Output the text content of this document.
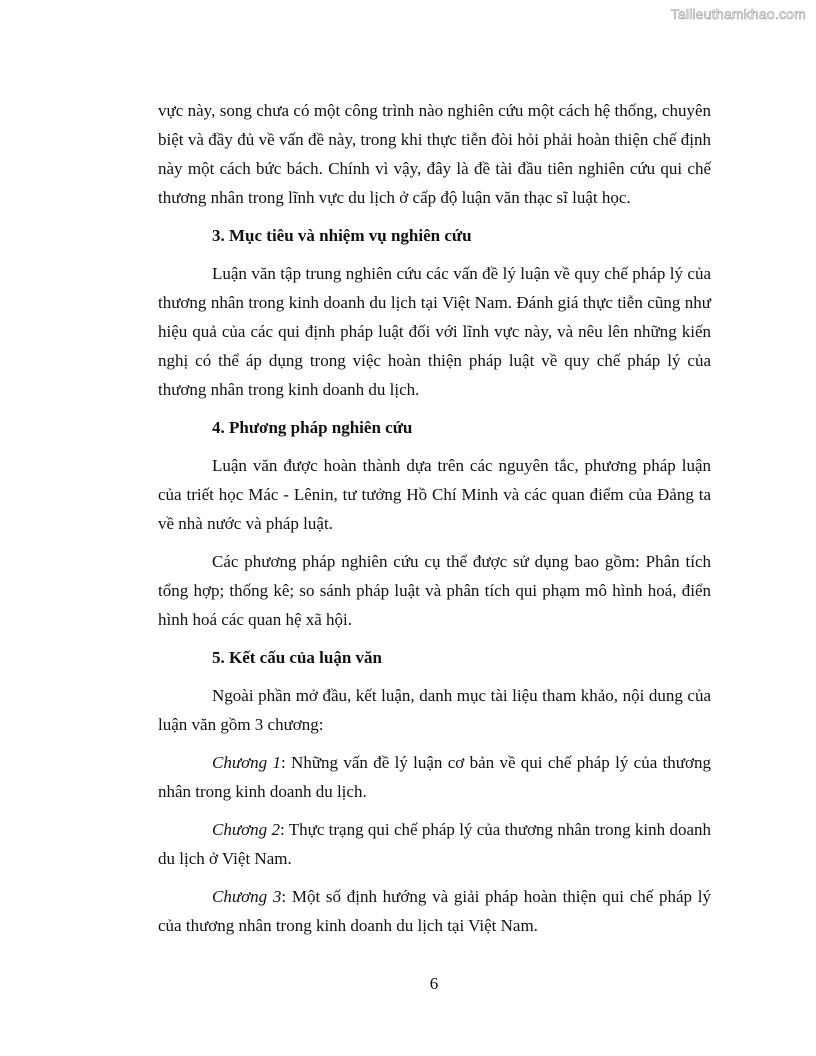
Tailieuthamkhao.com

vực này, song chưa có một công trình nào nghiên cứu một cách hệ thống, chuyên biệt và đầy đủ về vấn đề này, trong khi thực tiễn đòi hỏi phải hoàn thiện chế định này một cách bức bách. Chính vì vậy, đây là đề tài đầu tiên nghiên cứu qui chế thương nhân trong lĩnh vực du lịch ở cấp độ luận văn thạc sĩ luật học.

3. Mục tiêu và nhiệm vụ nghiên cứu

Luận văn tập trung nghiên cứu các vấn đề lý luận về quy chế pháp lý của thương nhân trong kinh doanh du lịch tại Việt Nam. Đánh giá thực tiễn cũng như hiệu quả của các qui định pháp luật đối với lĩnh vực này, và nêu lên những kiến nghị có thể áp dụng trong việc hoàn thiện pháp luật về quy chế pháp lý của thương nhân trong kinh doanh du lịch.

4. Phương pháp nghiên cứu

Luận văn được hoàn thành dựa trên các nguyên tắc, phương pháp luận của triết học Mác - Lênin, tư tưởng Hồ Chí Minh và các quan điểm của Đảng ta về nhà nước và pháp luật.

Các phương pháp nghiên cứu cụ thể được sử dụng bao gồm: Phân tích tổng hợp; thống kê; so sánh pháp luật và phân tích qui phạm mô hình hoá, điển hình hoá các quan hệ xã hội.

5. Kết cấu của luận văn

Ngoài phần mở đầu, kết luận, danh mục tài liệu tham khảo, nội dung của luận văn gồm 3 chương:

Chương 1: Những vấn đề lý luận cơ bản về qui chế pháp lý của thương nhân trong kinh doanh du lịch.

Chương 2: Thực trạng qui chế pháp lý của thương nhân trong kinh doanh du lịch ở Việt Nam.

Chương 3: Một số định hướng và giải pháp hoàn thiện qui chế pháp lý của thương nhân trong kinh doanh du lịch tại Việt Nam.

6
